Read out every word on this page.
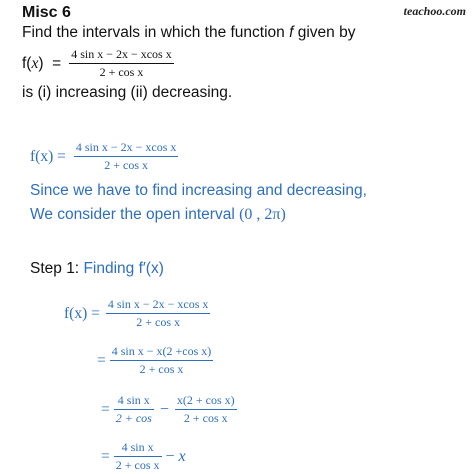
teachoo.com
Misc 6
Find the intervals in which the function f given by
f( x )  = $\frac{\text{4 sin x − 2x − xcos x}}{\text{2 + cos x}}$
is (i) increasing (ii) decreasing.
$f(x) = \frac{\text{4 sin x − 2x − xcos x}}{\text{2 + cos x}}$
Since we have to find increasing and decreasing,
We consider the open interval (0 , 2π)
Step 1: Finding f′(x)
$f(x) = \frac{\text{4 sin x − 2x − xcos x}}{\text{2 + cos x}}$
= $\frac{\text{4 sin x − x(2 +cos x)}}{\text{2 + cos x}}$
= $\frac{\text{4 sin x}}{2 + \cos} - \frac{\text{x(2 + cos x)}}{\text{2 + cos x}}$
= $\frac{\text{4 sin x}}{\text{2 + cos x}} - x$
